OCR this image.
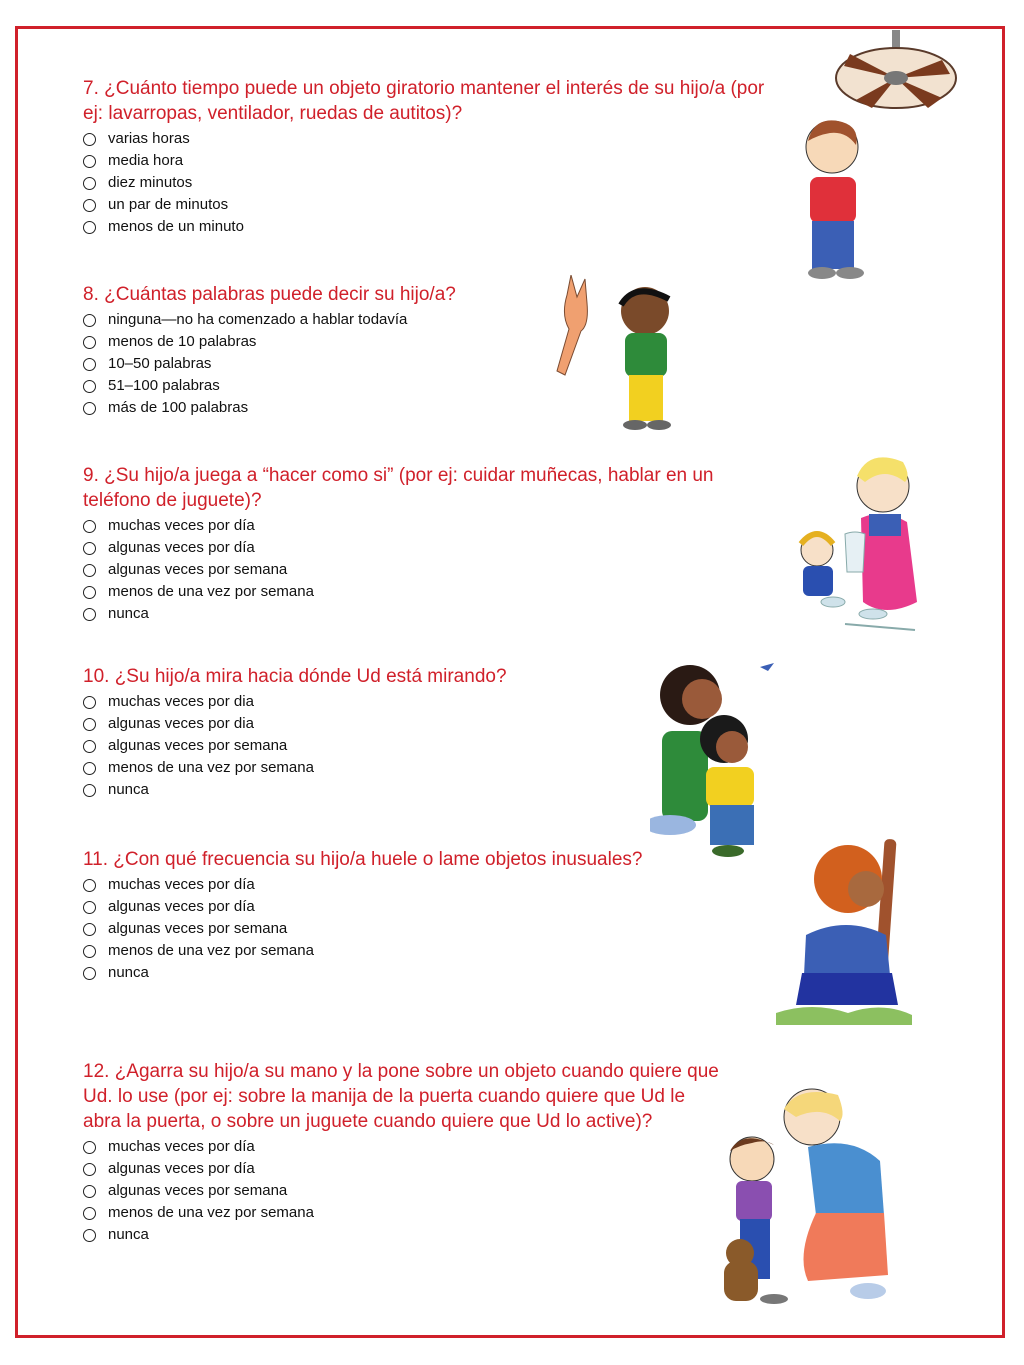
7. ¿Cuánto tiempo puede un objeto giratorio mantener el interés de su hijo/a (por ej: lavarropas, ventilador, ruedas de autitos)?
varias horas
media hora
diez minutos
un par de minutos
menos de un minuto
8. ¿Cuántas palabras puede decir su hijo/a?
ninguna—no ha comenzado a hablar todavía
menos de 10 palabras
10–50 palabras
51–100 palabras
más de 100 palabras
9. ¿Su hijo/a juega a “hacer como si” (por ej: cuidar muñecas, hablar en un teléfono de juguete)?
muchas veces por día
algunas veces por día
algunas veces por semana
menos de una vez por semana
nunca
10. ¿Su hijo/a mira hacia dónde Ud está mirando?
muchas veces por dia
algunas veces por dia
algunas veces por semana
menos de una vez por semana
nunca
11. ¿Con qué frecuencia su hijo/a huele o lame objetos inusuales?
muchas veces por día
algunas veces por día
algunas veces por semana
menos de una vez por semana
nunca
12. ¿Agarra su hijo/a su mano y la pone sobre un objeto cuando quiere que Ud. lo use (por ej: sobre la manija de la puerta cuando quiere que Ud le abra la puerta, o sobre un juguete cuando quiere que Ud lo active)?
muchas veces por día
algunas veces por día
algunas veces por semana
menos de una vez por semana
nunca
